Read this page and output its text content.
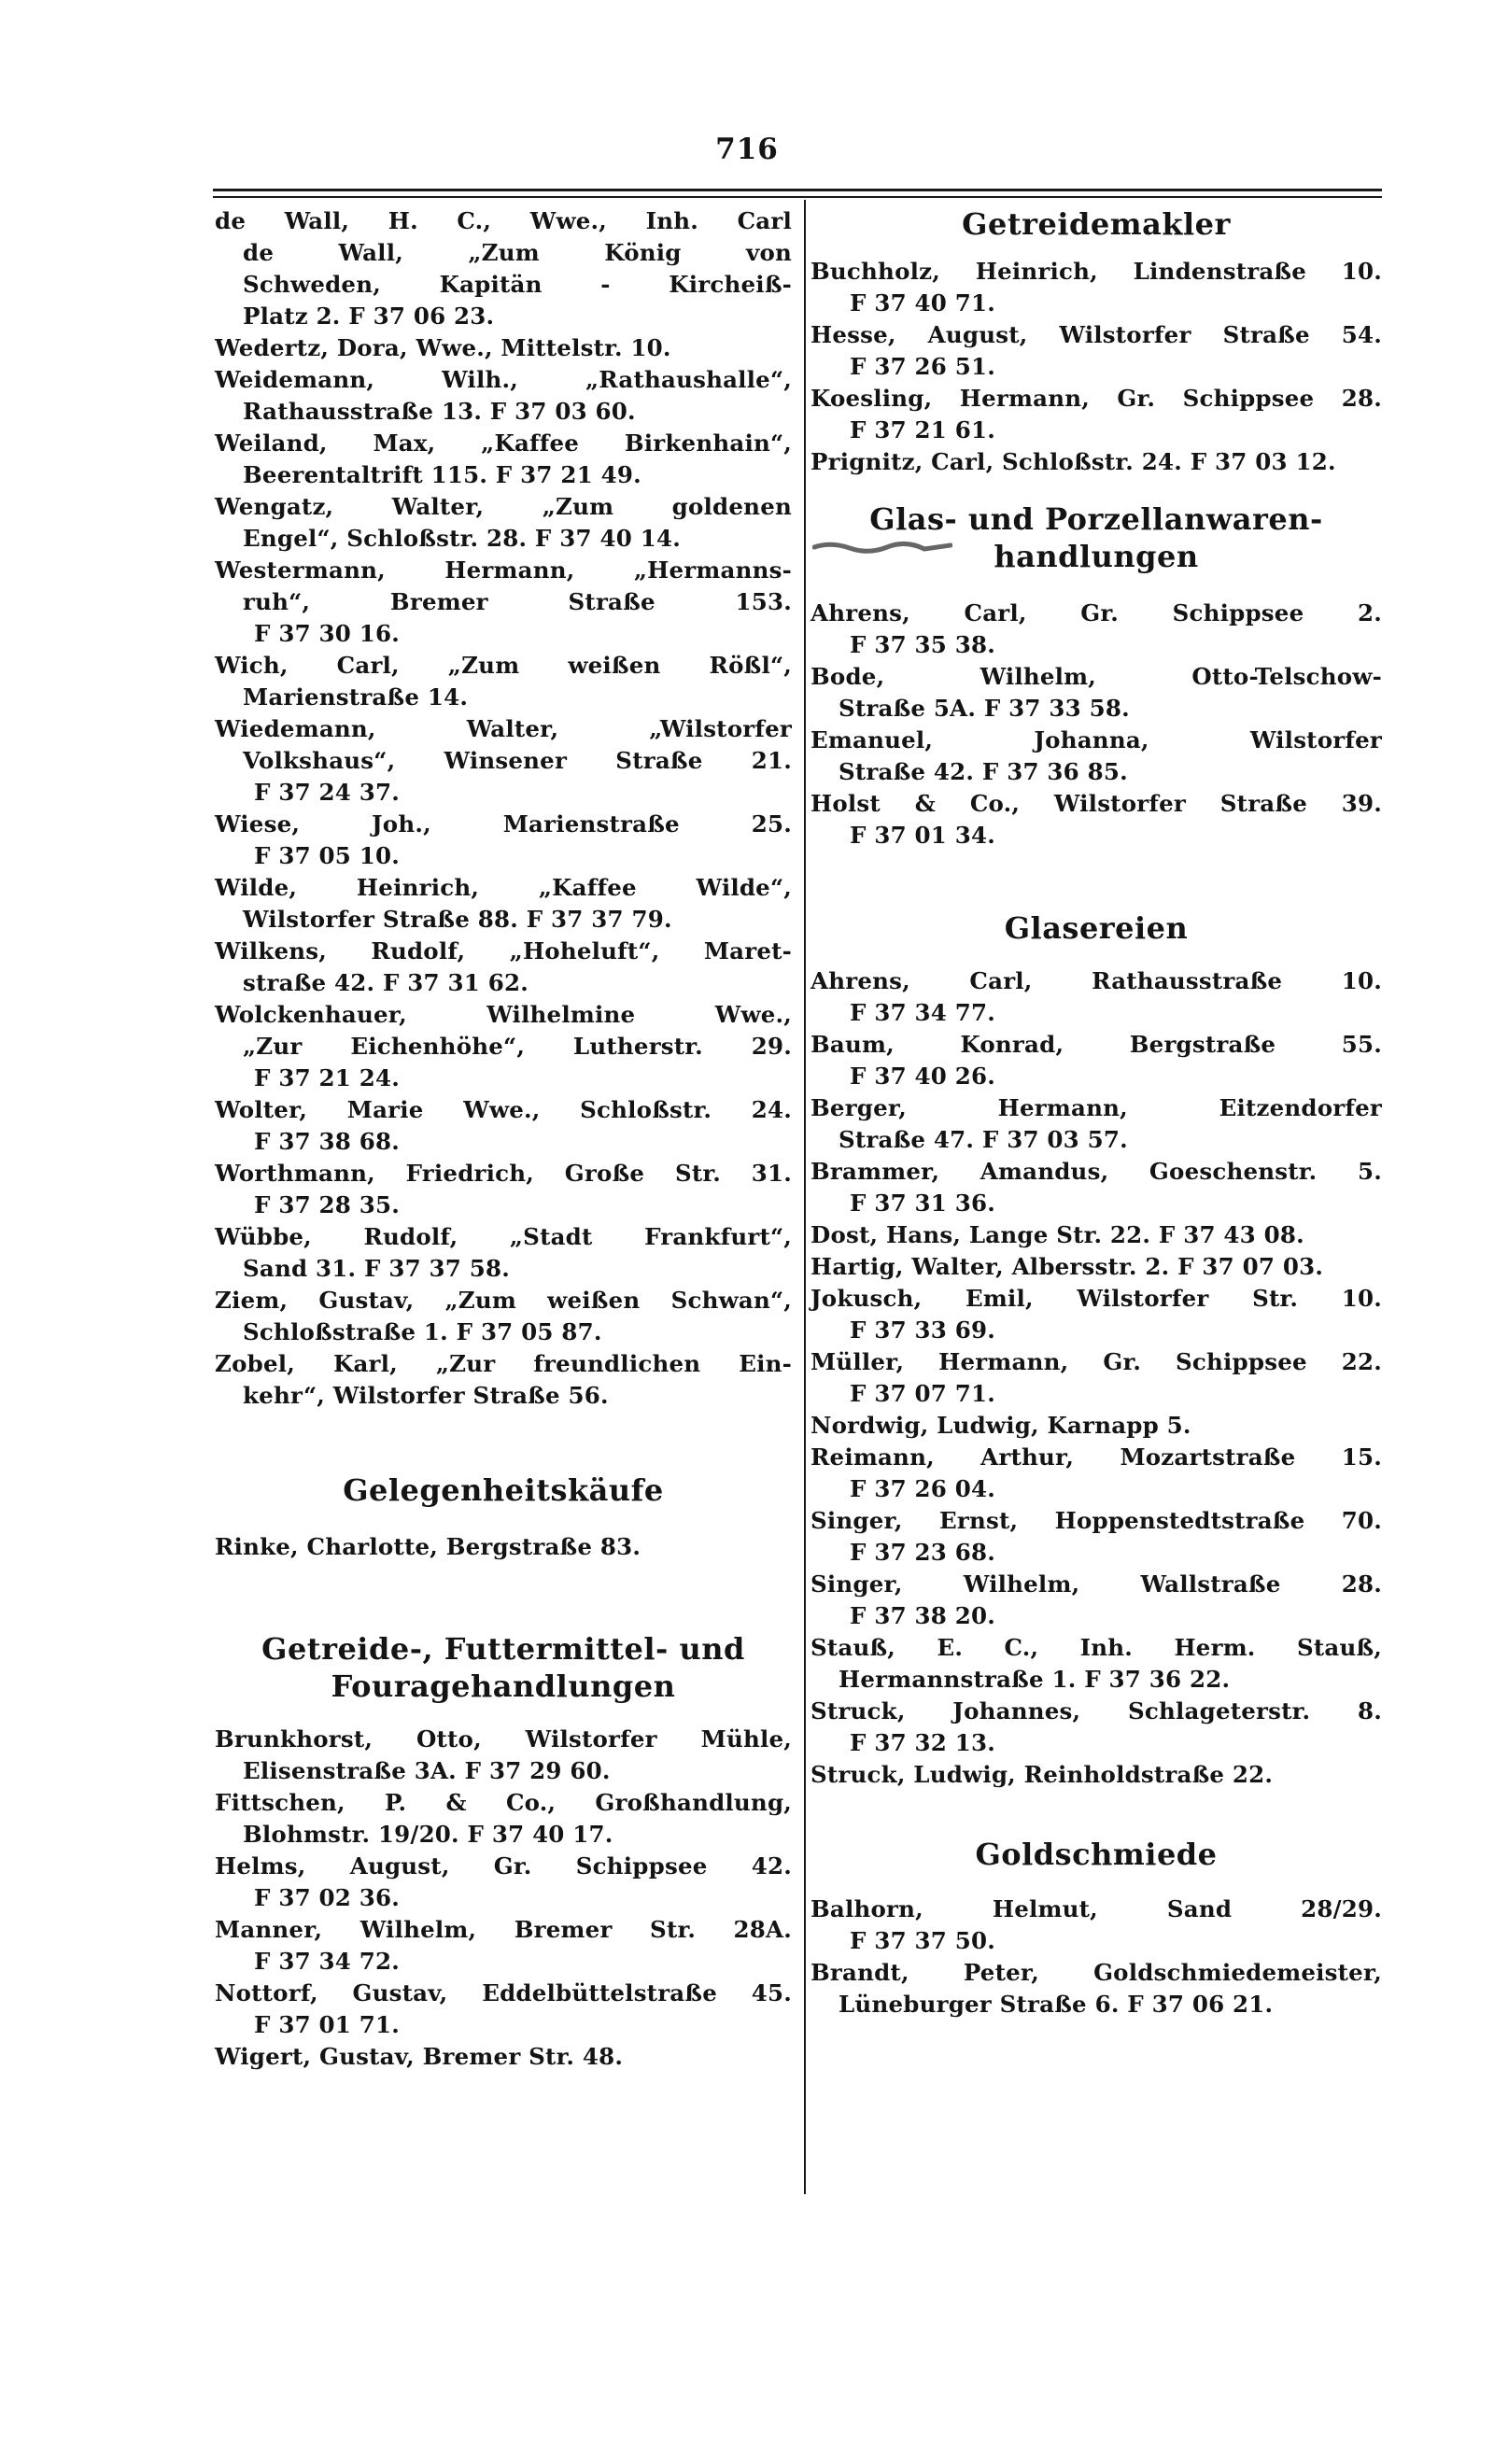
716
de Wall, H. C., Wwe., Inh. Carl
de Wall, „Zum König von
Schweden, Kapitän - Kircheiß-
Platz 2. F 37 06 23.
Wedertz, Dora, Wwe., Mittelstr. 10.
Weidemann, Wilh., „Rathaushalle“,
Rathausstraße 13. F 37 03 60.
Weiland, Max, „Kaffee Birkenhain“,
Beerentaltrift 115. F 37 21 49.
Wengatz, Walter, „Zum goldenen
Engel“, Schloßstr. 28. F 37 40 14.
Westermann, Hermann, „Hermanns-
ruh“, Bremer Straße 153.
F 37 30 16.
Wich, Carl, „Zum weißen Rößl“,
Marienstraße 14.
Wiedemann, Walter, „Wilstorfer
Volkshaus“, Winsener Straße 21.
F 37 24 37.
Wiese, Joh., Marienstraße 25.
F 37 05 10.
Wilde, Heinrich, „Kaffee Wilde“,
Wilstorfer Straße 88. F 37 37 79.
Wilkens, Rudolf, „Hoheluft“, Maret-
straße 42. F 37 31 62.
Wolckenhauer, Wilhelmine Wwe.,
„Zur Eichenhöhe“, Lutherstr. 29.
F 37 21 24.
Wolter, Marie Wwe., Schloßstr. 24.
F 37 38 68.
Worthmann, Friedrich, Große Str. 31.
F 37 28 35.
Wübbe, Rudolf, „Stadt Frankfurt“,
Sand 31. F 37 37 58.
Ziem, Gustav, „Zum weißen Schwan“,
Schloßstraße 1. F 37 05 87.
Zobel, Karl, „Zur freundlichen Ein-
kehr“, Wilstorfer Straße 56.
Gelegenheitskäufe
Rinke, Charlotte, Bergstraße 83.
Getreide-, Futtermittel- und
Fouragehandlungen
Brunkhorst, Otto, Wilstorfer Mühle,
Elisenstraße 3A. F 37 29 60.
Fittschen, P. & Co., Großhandlung,
Blohmstr. 19/20. F 37 40 17.
Helms, August, Gr. Schippsee 42.
F 37 02 36.
Manner, Wilhelm, Bremer Str. 28A.
F 37 34 72.
Nottorf, Gustav, Eddelbüttelstraße 45.
F 37 01 71.
Wigert, Gustav, Bremer Str. 48.
Getreidemakler
Buchholz, Heinrich, Lindenstraße 10.
F 37 40 71.
Hesse, August, Wilstorfer Straße 54.
F 37 26 51.
Koesling, Hermann, Gr. Schippsee 28.
F 37 21 61.
Prignitz, Carl, Schloßstr. 24. F 37 03 12.
Glas- und Porzellanwaren-
handlungen
Ahrens, Carl, Gr. Schippsee 2.
F 37 35 38.
Bode, Wilhelm, Otto-Telschow-
Straße 5A. F 37 33 58.
Emanuel, Johanna, Wilstorfer
Straße 42. F 37 36 85.
Holst & Co., Wilstorfer Straße 39.
F 37 01 34.
Glasereien
Ahrens, Carl, Rathausstraße 10.
F 37 34 77.
Baum, Konrad, Bergstraße 55.
F 37 40 26.
Berger, Hermann, Eitzendorfer
Straße 47. F 37 03 57.
Brammer, Amandus, Goeschenstr. 5.
F 37 31 36.
Dost, Hans, Lange Str. 22. F 37 43 08.
Hartig, Walter, Albersstr. 2. F 37 07 03.
Jokusch, Emil, Wilstorfer Str. 10.
F 37 33 69.
Müller, Hermann, Gr. Schippsee 22.
F 37 07 71.
Nordwig, Ludwig, Karnapp 5.
Reimann, Arthur, Mozartstraße 15.
F 37 26 04.
Singer, Ernst, Hoppenstedtstraße 70.
F 37 23 68.
Singer, Wilhelm, Wallstraße 28.
F 37 38 20.
Stauß, E. C., Inh. Herm. Stauß,
Hermannstraße 1. F 37 36 22.
Struck, Johannes, Schlageterstr. 8.
F 37 32 13.
Struck, Ludwig, Reinholdstraße 22.
Goldschmiede
Balhorn, Helmut, Sand 28/29.
F 37 37 50.
Brandt, Peter, Goldschmiedemeister,
Lüneburger Straße 6. F 37 06 21.
